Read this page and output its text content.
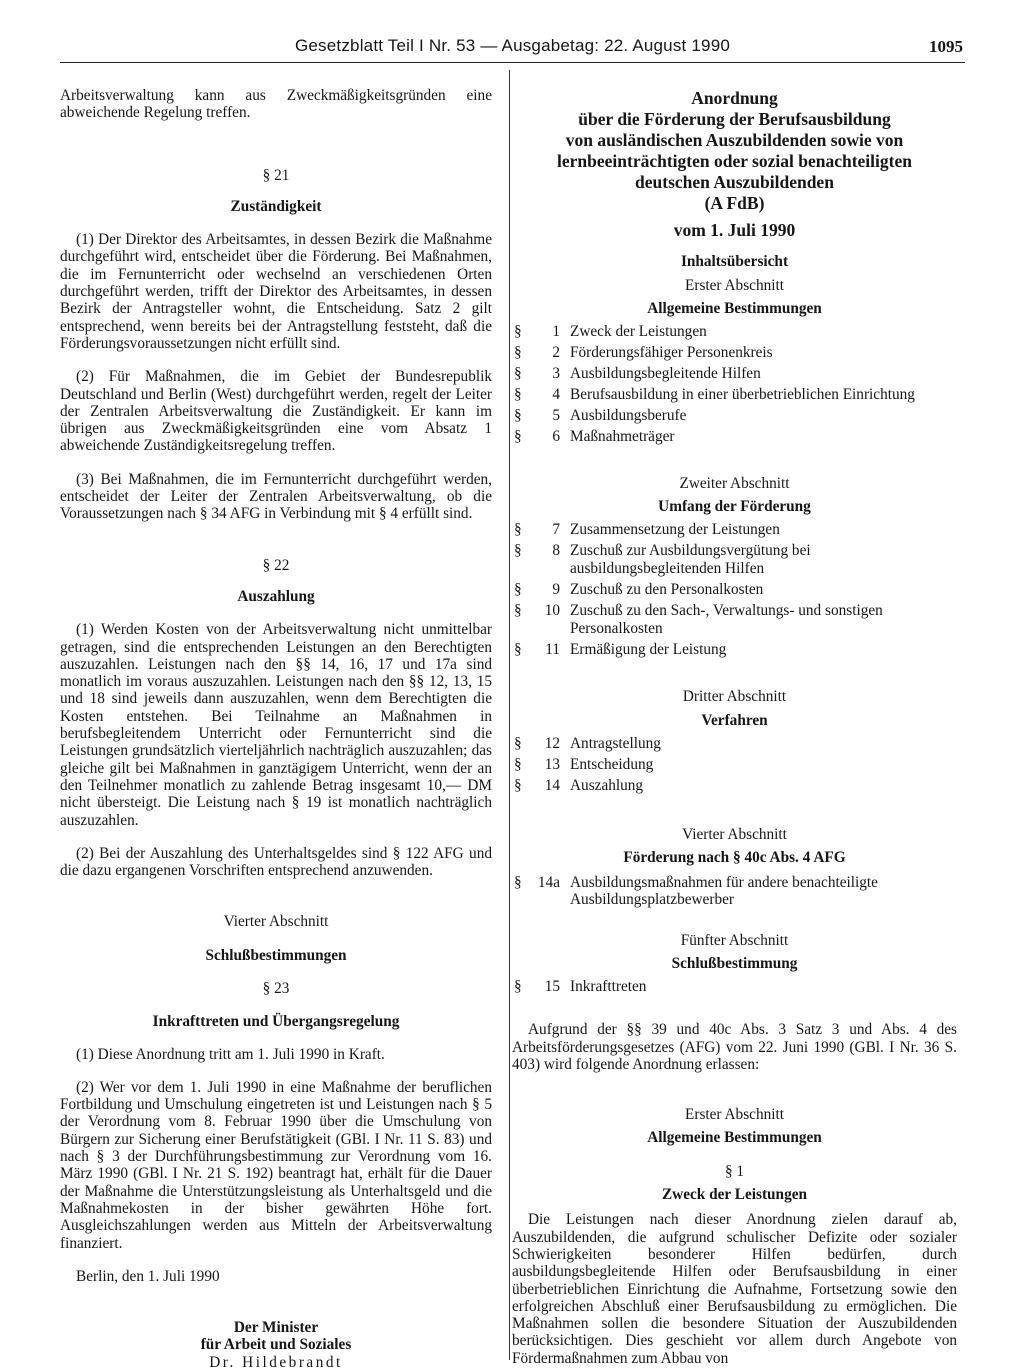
Gesetzblatt Teil I Nr. 53 — Ausgabetag: 22. August 1990	1095
Arbeitsverwaltung kann aus Zweckmäßigkeitsgründen eine abweichende Regelung treffen.
§ 21
Zuständigkeit
(1) Der Direktor des Arbeitsamtes, in dessen Bezirk die Maßnahme durchgeführt wird, entscheidet über die Förderung. Bei Maßnahmen, die im Fernunterricht oder wechselnd an verschiedenen Orten durchgeführt werden, trifft der Direktor des Arbeitsamtes, in dessen Bezirk der Antragsteller wohnt, die Entscheidung. Satz 2 gilt entsprechend, wenn bereits bei der Antragstellung feststeht, daß die Förderungsvoraussetzungen nicht erfüllt sind.
(2) Für Maßnahmen, die im Gebiet der Bundesrepublik Deutschland und Berlin (West) durchgeführt werden, regelt der Leiter der Zentralen Arbeitsverwaltung die Zuständigkeit. Er kann im übrigen aus Zweckmäßigkeitsgründen eine vom Absatz 1 abweichende Zuständigkeitsregelung treffen.
(3) Bei Maßnahmen, die im Fernunterricht durchgeführt werden, entscheidet der Leiter der Zentralen Arbeitsverwaltung, ob die Voraussetzungen nach § 34 AFG in Verbindung mit § 4 erfüllt sind.
§ 22
Auszahlung
(1) Werden Kosten von der Arbeitsverwaltung nicht unmittelbar getragen, sind die entsprechenden Leistungen an den Berechtigten auszuzahlen. Leistungen nach den §§ 14, 16, 17 und 17a sind monatlich im voraus auszuzahlen. Leistungen nach den §§ 12, 13, 15 und 18 sind jeweils dann auszuzahlen, wenn dem Berechtigten die Kosten entstehen. Bei Teilnahme an Maßnahmen in berufsbegleitendem Unterricht oder Fernunterricht sind die Leistungen grundsätzlich vierteljährlich nachträglich auszuzahlen; das gleiche gilt bei Maßnahmen in ganztägigem Unterricht, wenn der an den Teilnehmer monatlich zu zahlende Betrag insgesamt 10,— DM nicht übersteigt. Die Leistung nach § 19 ist monatlich nachträglich auszuzahlen.
(2) Bei der Auszahlung des Unterhaltsgeldes sind § 122 AFG und die dazu ergangenen Vorschriften entsprechend anzuwenden.
Vierter Abschnitt
Schlußbestimmungen
§ 23
Inkrafttreten und Übergangsregelung
(1) Diese Anordnung tritt am 1. Juli 1990 in Kraft.
(2) Wer vor dem 1. Juli 1990 in eine Maßnahme der beruflichen Fortbildung und Umschulung eingetreten ist und Leistungen nach § 5 der Verordnung vom 8. Februar 1990 über die Umschulung von Bürgern zur Sicherung einer Berufstätigkeit (GBl. I Nr. 11 S. 83) und nach § 3 der Durchführungsbestimmung zur Verordnung vom 16. März 1990 (GBl. I Nr. 21 S. 192) beantragt hat, erhält für die Dauer der Maßnahme die Unterstützungsleistung als Unterhaltsgeld und die Maßnahmekosten in der bisher gewährten Höhe fort. Ausgleichszahlungen werden aus Mitteln der Arbeitsverwaltung finanziert.
Berlin, den 1. Juli 1990
Der Minister
für Arbeit und Soziales
Dr. Hildebrandt
Anordnung
über die Förderung der Berufsausbildung
von ausländischen Auszubildenden sowie von
lernbeeinträchtigten oder sozial benachteiligten
deutschen Auszubildenden
(A FdB)
vom 1. Juli 1990
Inhaltsübersicht
Erster Abschnitt
Allgemeine Bestimmungen
§	1 Zweck der Leistungen
§	2 Förderungsfähiger Personenkreis
§	3 Ausbildungsbegleitende Hilfen
§	4 Berufsausbildung in einer überbetrieblichen Einrichtung
§	5 Ausbildungsberufe
§	6 Maßnahmeträger
Zweiter Abschnitt
Umfang der Förderung
§	7 Zusammensetzung der Leistungen
§	8 Zuschuß zur Ausbildungsvergütung bei ausbildungsbegleitenden Hilfen
§	9 Zuschuß zu den Personalkosten
§	10 Zuschuß zu den Sach-, Verwaltungs- und sonstigen Personalkosten
§	11 Ermäßigung der Leistung
Dritter Abschnitt
Verfahren
§	12 Antragstellung
§	13 Entscheidung
§	14 Auszahlung
Vierter Abschnitt
Förderung nach § 40c Abs. 4 AFG
§	14a Ausbildungsmaßnahmen für andere benachteiligte Ausbildungsplatzbewerber
Fünfter Abschnitt
Schlußbestimmung
§	15 Inkrafttreten
Aufgrund der §§ 39 und 40c Abs. 3 Satz 3 und Abs. 4 des Arbeitsförderungsgesetzes (AFG) vom 22. Juni 1990 (GBl. I Nr. 36 S. 403) wird folgende Anordnung erlassen:
Erster Abschnitt
Allgemeine Bestimmungen
§ 1
Zweck der Leistungen
Die Leistungen nach dieser Anordnung zielen darauf ab, Auszubildenden, die aufgrund schulischer Defizite oder sozialer Schwierigkeiten besonderer Hilfen bedürfen, durch ausbildungsbegleitende Hilfen oder Berufsausbildung in einer überbetrieblichen Einrichtung die Aufnahme, Fortsetzung sowie den erfolgreichen Abschluß einer Berufsausbildung zu ermöglichen. Die Maßnahmen sollen die besondere Situation der Auszubildenden berücksichtigen. Dies geschieht vor allem durch Angebote von Fördermaßnahmen zum Abbau von
